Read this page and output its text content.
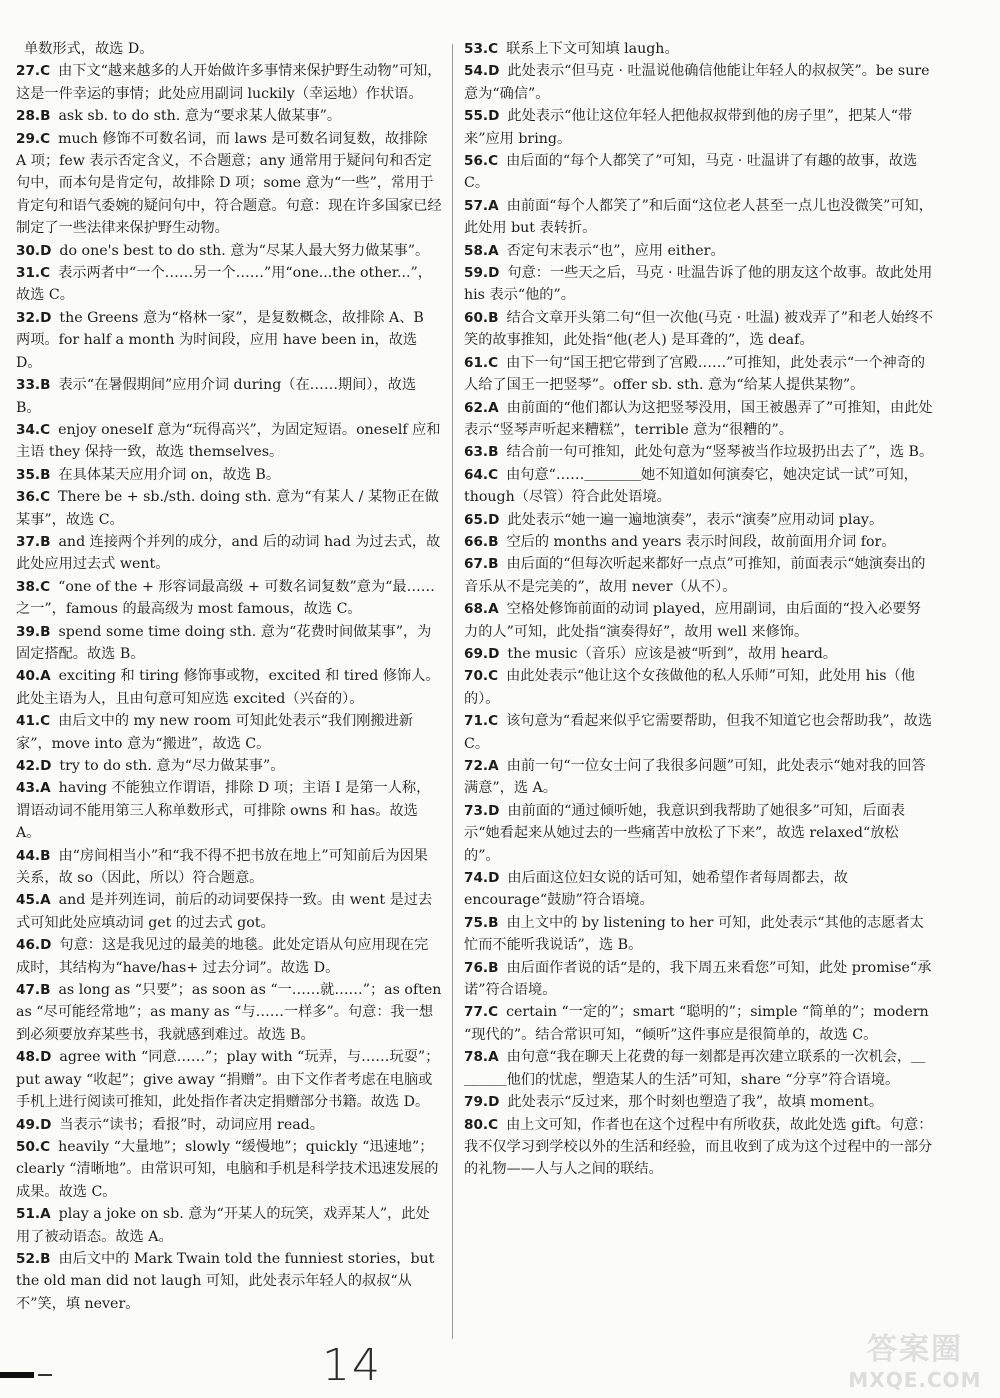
单数形式，故选 D。

27.C 由下文“越来越多的人开始做许多事情来保护野生动物”可知，这是一件幸运的事情；此处应用副词 luckily（幸运地）作状语。

28.B ask sb. to do sth. 意为“要求某人做某事”。

29.C much 修饰不可数名词，而 laws 是可数名词复数，故排除 A 项；few 表示否定含义，不合题意；any 通常用于疑问句和否定句中，而本句是肯定句，故排除 D 项；some 意为“一些”，常用于肯定句和语气委婉的疑问句中，符合题意。句意：现在许多国家已经制定了一些法律来保护野生动物。

30.D do one's best to do sth. 意为“尽某人最大努力做某事”。

31.C 表示两者中“一个……另一个……”用“one...the other...”，故选 C。

32.D the Greens 意为“格林一家”，是复数概念，故排除 A、B 两项。for half a month 为时间段，应用 have been in，故选 D。

33.B 表示“在暑假期间”应用介词 during（在……期间），故选 B。

34.C enjoy oneself 意为“玩得高兴”，为固定短语。oneself 应和主语 they 保持一致，故选 themselves。

35.B 在具体某天应用介词 on，故选 B。

36.C There be + sb./sth. doing sth. 意为“有某人 / 某物正在做某事”，故选 C。

37.B and 连接两个并列的成分，and 后的动词 had 为过去式，故此处应用过去式 went。

38.C “one of the + 形容词最高级 + 可数名词复数”意为“最……之一”，famous 的最高级为 most famous，故选 C。

39.B spend some time doing sth. 意为“花费时间做某事”，为固定搭配。故选 B。

40.A exciting 和 tiring 修饰事或物，excited 和 tired 修饰人。此处主语为人，且由句意可知应选 excited（兴奋的）。

41.C 由后文中的 my new room 可知此处表示“我们刚搬进新家”，move into 意为“搬进”，故选 C。

42.D try to do sth. 意为“尽力做某事”。

43.A having 不能独立作谓语，排除 D 项；主语 I 是第一人称，谓语动词不能用第三人称单数形式，可排除 owns 和 has。故选 A。

44.B 由“房间相当小”和“我不得不把书放在地上”可知前后为因果关系，故 so（因此，所以）符合题意。

45.A and 是并列连词，前后的动词要保持一致。由 went 是过去式可知此处应填动词 get 的过去式 got。

46.D 句意：这是我见过的最美的地毯。此处定语从句应用现在完成时，其结构为“have/has+ 过去分词”。故选 D。

47.B as long as “只要”；as soon as “一……就……”；as often as “尽可能经常地”；as many as “与……一样多”。句意：我一想到必须要放弃某些书，我就感到难过。故选 B。

48.D agree with “同意……”；play with “玩弄，与……玩耍”；put away “收起”；give away “捐赠”。由下文作者考虑在电脑或手机上进行阅读可推知，此处指作者决定捐赠部分书籍。故选 D。

49.D 当表示“读书；看报”时，动词应用 read。

50.C heavily “大量地”；slowly “缓慢地”；quickly “迅速地”；clearly “清晰地”。由常识可知，电脑和手机是科学技术迅速发展的成果。故选 C。

51.A play a joke on sb. 意为“开某人的玩笑，戏弄某人”，此处用了被动语态。故选 A。

52.B 由后文中的 Mark Twain told the funniest stories，but the old man did not laugh 可知，此处表示年轻人的叔叔“从不”笑，填 never。

53.C 联系上下文可知填 laugh。

54.D 此处表示“但马克 · 吐温说他确信他能让年轻人的叔叔笑”。be sure 意为“确信”。

55.D 此处表示“他让这位年轻人把他叔叔带到他的房子里”，把某人“带来”应用 bring。

56.C 由后面的“每个人都笑了”可知，马克 · 吐温讲了有趣的故事，故选 C。

57.A 由前面“每个人都笑了”和后面“这位老人甚至一点儿也没微笑”可知，此处用 but 表转折。

58.A 否定句末表示“也”，应用 either。

59.D 句意：一些天之后，马克 · 吐温告诉了他的朋友这个故事。故此处用 his 表示“他的”。

60.B 结合文章开头第二句“但一次他(马克 · 吐温) 被戏弄了”和老人始终不笑的故事推知，此处指“他(老人) 是耳聋的”，选 deaf。

61.C 由下一句“国王把它带到了宫殿……”可推知，此处表示“一个神奇的人给了国王一把竖琴”。offer sb. sth. 意为“给某人提供某物”。

62.A 由前面的“他们都认为这把竖琴没用，国王被愚弄了”可推知，由此处表示“竖琴声听起来糟糕”，terrible 意为“很糟的”。

63.B 结合前一句可推知，此处句意为“竖琴被当作垃圾扔出去了”，选 B。

64.C 由句意“……＿＿＿＿她不知道如何演奏它，她决定试一试”可知，though（尽管）符合此处语境。

65.D 此处表示“她一遍一遍地演奏”，表示“演奏”应用动词 play。

66.B 空后的 months and years 表示时间段，故前面用介词 for。

67.B 由后面的“但每次听起来都好一点点”可推知，前面表示“她演奏出的音乐从不是完美的”，故用 never（从不）。

68.A 空格处修饰前面的动词 played，应用副词，由后面的“投入必要努力的人”可知，此处指“演奏得好”，故用 well 来修饰。

69.D the music（音乐）应该是被“听到”，故用 heard。

70.C 由此处表示“他让这个女孩做他的私人乐师”可知，此处用 his（他的）。

71.C 该句意为“看起来似乎它需要帮助，但我不知道它也会帮助我”，故选 C。

72.A 由前一句“一位女士问了我很多问题”可知，此处表示“她对我的回答满意”，选 A。

73.D 由前面的“通过倾听她，我意识到我帮助了她很多”可知，后面表示“她看起来从她过去的一些痛苦中放松了下来”，故选 relaxed“放松的”。

74.D 由后面这位妇女说的话可知，她希望作者每周都去，故 encourage“鼓励”符合语境。

75.B 由上文中的 by listening to her 可知，此处表示“其他的志愿者太忙而不能听我说话”，选 B。

76.B 由后面作者说的话“是的，我下周五来看您”可知，此处 promise“承诺”符合语境。

77.C certain “一定的”；smart “聪明的”；simple “简单的”；modern “现代的”。结合常识可知，“倾听”这件事应是很简单的，故选 C。

78.A 由句意“我在聊天上花费的每一刻都是再次建立联系的一次机会，＿＿＿＿他们的忧虑，塑造某人的生活”可知，share “分享”符合语境。

79.D 此处表示“反过来，那个时刻也塑造了我”，故填 moment。

80.C 由上文可知，作者也在这个过程中有所收获，故此处选 gift。句意：我不仅学习到学校以外的生活和经验，而且收到了成为这个过程中的一部分的礼物——人与人之间的联结。

14	答案圈
MXQE.COM
